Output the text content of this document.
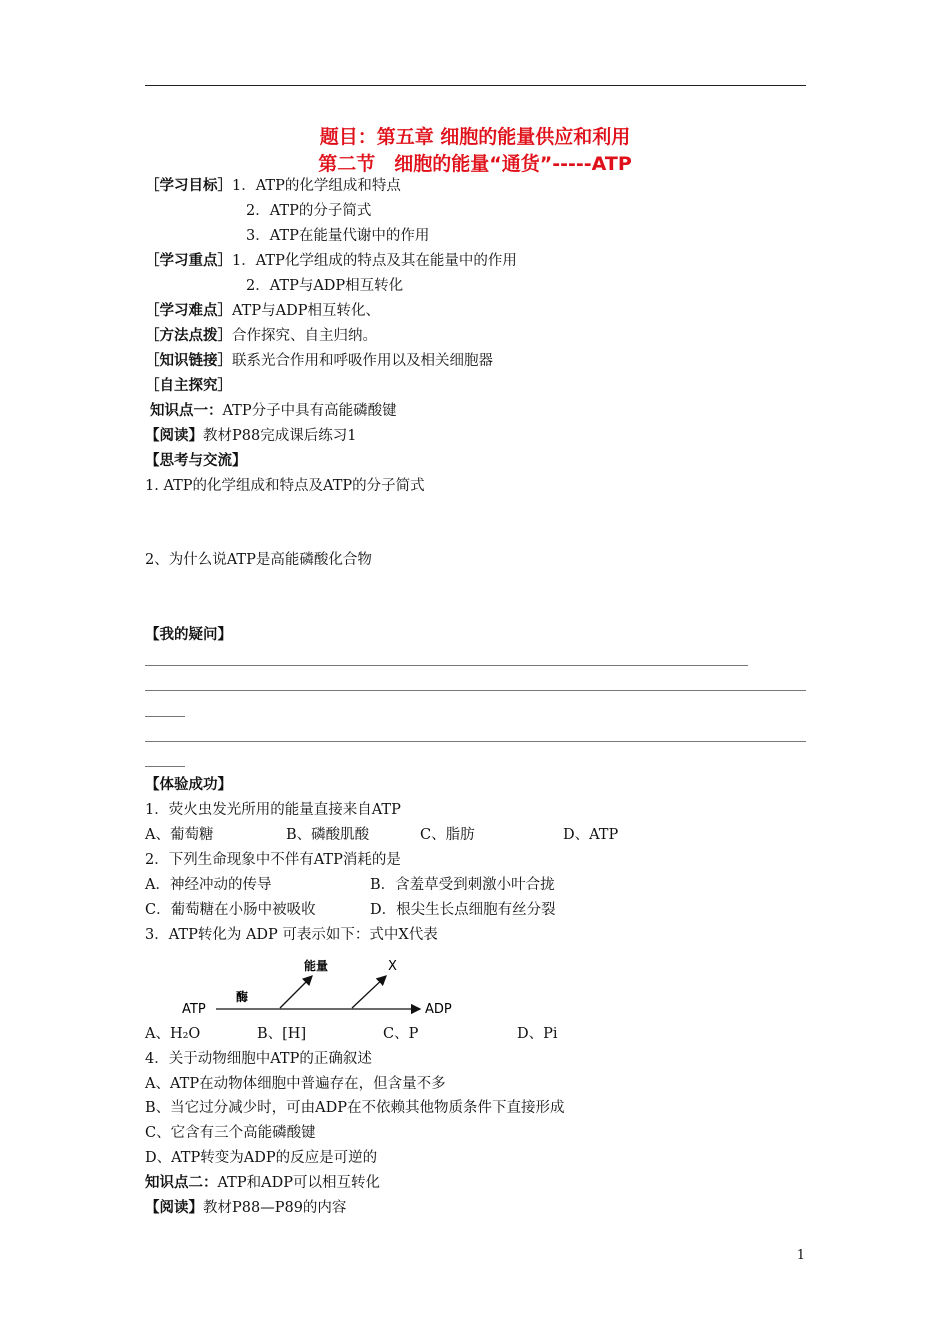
题目：第五章 细胞的能量供应和利用
第二节　细胞的能量“通货”-----ATP
［学习目标］1．ATP的化学组成和特点
2．ATP的分子简式
3．ATP在能量代谢中的作用
［学习重点］1．ATP化学组成的特点及其在能量中的作用
2．ATP与ADP相互转化
［学习难点］ATP与ADP相互转化、
［方法点拨］合作探究、自主归纳。
［知识链接］联系光合作用和呼吸作用以及相关细胞器
［自主探究］
知识点一：ATP分子中具有高能磷酸键
【阅读】教材P88完成课后练习1
【思考与交流】
1. ATP的化学组成和特点及ATP的分子简式
2、为什么说ATP是高能磷酸化合物
【我的疑问】
【体验成功】
1．荧火虫发光所用的能量直接来自ATP
A、葡萄糖	B、磷酸肌酸	C、脂肪	D、ATP
2．下列生命现象中不伴有ATP消耗的是
A．神经冲动的传导	B．含羞草受到刺激小叶合拢
C．葡萄糖在小肠中被吸收	D．根尖生长点细胞有丝分裂
3．ATP转化为 ADP 可表示如下：式中X代表
ATP	ADP
酶
能量	X
A、H₂O	B、[H]	C、P	D、Pi
4．关于动物细胞中ATP的正确叙述
A、ATP在动物体细胞中普遍存在，但含量不多
B、当它过分减少时，可由ADP在不依赖其他物质条件下直接形成
C、它含有三个高能磷酸键
D、ATP转变为ADP的反应是可逆的
知识点二：ATP和ADP可以相互转化
【阅读】教材P88—P89的内容
1
